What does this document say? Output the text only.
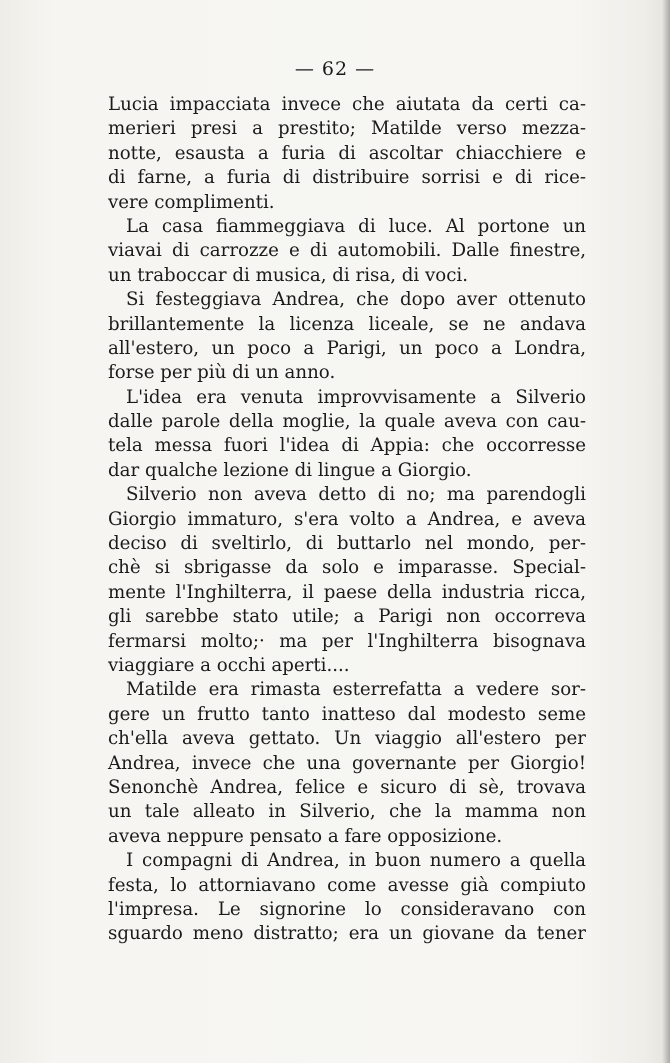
— 62 —
Lucia impacciata invece che aiutata da certi ca-
merieri presi a prestito; Matilde verso mezza-
notte, esausta a furia di ascoltar chiacchiere e
di farne, a furia di distribuire sorrisi e di rice-
vere complimenti.
La casa fiammeggiava di luce. Al portone un
viavai di carrozze e di automobili. Dalle finestre,
un traboccar di musica, di risa, di voci.
Si festeggiava Andrea, che dopo aver ottenuto
brillantemente la licenza liceale, se ne andava
all'estero, un poco a Parigi, un poco a Londra,
forse per più di un anno.
L'idea era venuta improvvisamente a Silverio
dalle parole della moglie, la quale aveva con cau-
tela messa fuori l'idea di Appia: che occorresse
dar qualche lezione di lingue a Giorgio.
Silverio non aveva detto di no; ma parendogli
Giorgio immaturo, s'era volto a Andrea, e aveva
deciso di sveltirlo, di buttarlo nel mondo, per-
chè si sbrigasse da solo e imparasse. Special-
mente l'Inghilterra, il paese della industria ricca,
gli sarebbe stato utile; a Parigi non occorreva
fermarsi molto;· ma per l'Inghilterra bisognava
viaggiare a occhi aperti....
Matilde era rimasta esterrefatta a vedere sor-
gere un frutto tanto inatteso dal modesto seme
ch'ella aveva gettato. Un viaggio all'estero per
Andrea, invece che una governante per Giorgio!
Senonchè Andrea, felice e sicuro di sè, trovava
un tale alleato in Silverio, che la mamma non
aveva neppure pensato a fare opposizione.
I compagni di Andrea, in buon numero a quella
festa, lo attorniavano come avesse già compiuto
l'impresa. Le signorine lo consideravano con
sguardo meno distratto; era un giovane da tener
